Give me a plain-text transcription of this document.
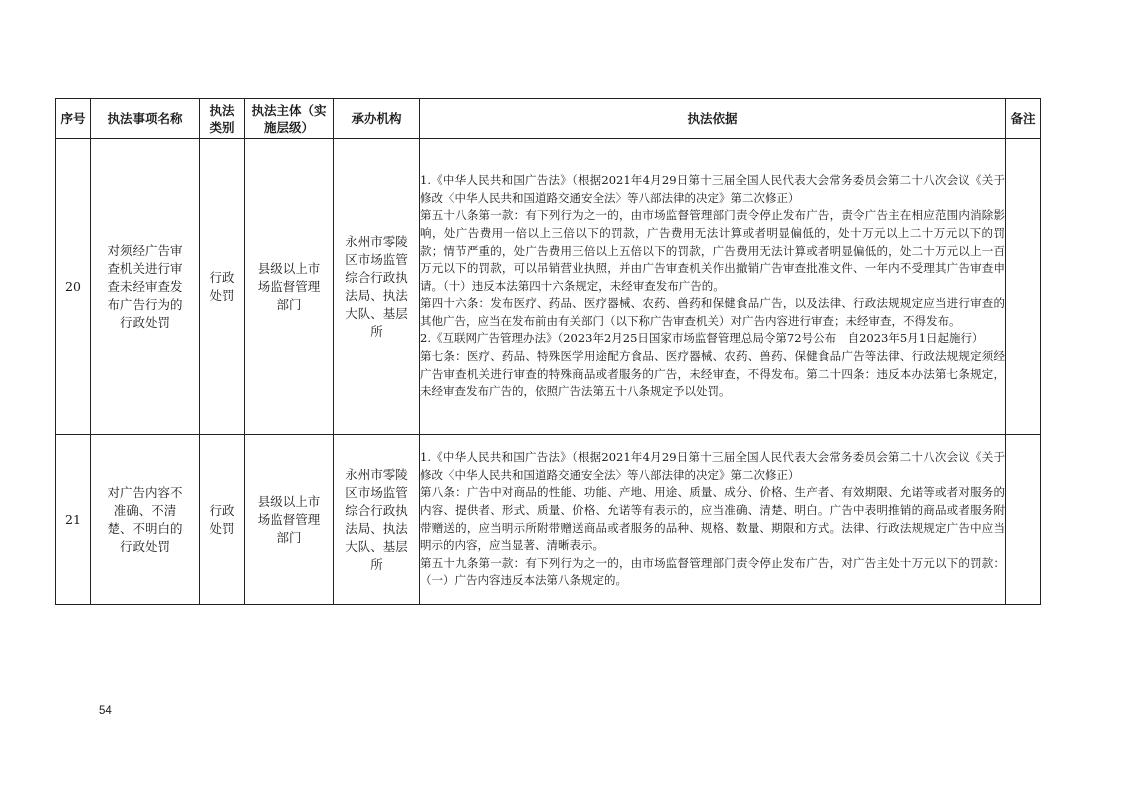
序号	执法事项名称	执法类别	执法主体（实施层级）	承办机构	执法依据	备注
20	对须经广告审查机关进行审查未经审查发布广告行为的行政处罚	行政处罚	县级以上市场监督管理部门	永州市零陵区市场监管综合行政执法局、执法大队、基层所	1.《中华人民共和国广告法》（根据2021年4月29日第十三届全国人民代表大会常务委员会第二十八次会议《关于修改〈中华人民共和国道路交通安全法〉等八部法律的决定》第二次修正）
第五十八条第一款：有下列行为之一的，由市场监督管理部门责令停止发布广告，责令广告主在相应范围内消除影响，处广告费用一倍以上三倍以下的罚款，广告费用无法计算或者明显偏低的，处十万元以上二十万元以下的罚款；情节严重的，处广告费用三倍以上五倍以下的罚款，广告费用无法计算或者明显偏低的，处二十万元以上一百万元以下的罚款，可以吊销营业执照，并由广告审查机关作出撤销广告审查批准文件、一年内不受理其广告审查申请。（十）违反本法第四十六条规定，未经审查发布广告的。
第四十六条：发布医疗、药品、医疗器械、农药、兽药和保健食品广告，以及法律、行政法规规定应当进行审查的其他广告，应当在发布前由有关部门（以下称广告审查机关）对广告内容进行审查；未经审查，不得发布。
2.《互联网广告管理办法》（2023年2月25日国家市场监督管理总局令第72号公布　自2023年5月1日起施行）
第七条：医疗、药品、特殊医学用途配方食品、医疗器械、农药、兽药、保健食品广告等法律、行政法规规定须经广告审查机关进行审查的特殊商品或者服务的广告，未经审查，不得发布。第二十四条：违反本办法第七条规定，未经审查发布广告的，依照广告法第五十八条规定予以处罚。	

21	对广告内容不准确、不清楚、不明白的行政处罚	行政处罚	县级以上市场监督管理部门	永州市零陵区市场监管综合行政执法局、执法大队、基层所	1.《中华人民共和国广告法》（根据2021年4月29日第十三届全国人民代表大会常务委员会第二十八次会议《关于修改〈中华人民共和国道路交通安全法〉等八部法律的决定》第二次修正）
第八条：广告中对商品的性能、功能、产地、用途、质量、成分、价格、生产者、有效期限、允诺等或者对服务的内容、提供者、形式、质量、价格、允诺等有表示的，应当准确、清楚、明白。广告中表明推销的商品或者服务附带赠送的，应当明示所附带赠送商品或者服务的品种、规格、数量、期限和方式。法律、行政法规规定广告中应当明示的内容，应当显著、清晰表示。
第五十九条第一款：有下列行为之一的，由市场监督管理部门责令停止发布广告，对广告主处十万元以下的罚款：（一）广告内容违反本法第八条规定的。	

54
